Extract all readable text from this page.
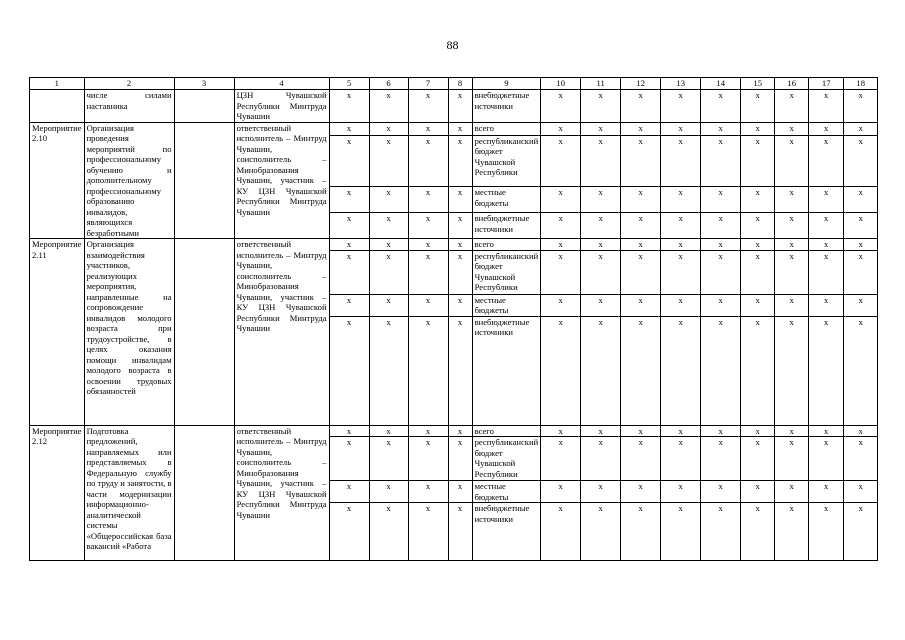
88
1	2	3	4	5	6	7	8	9	10	11	12	13	14	15	16	17	18
	числе силами наставника		ЦЗН Чувашской Республики Минтруда Чувашии	x	x	x	x	внебюджетные источники	x	x	x	x	x	x	x	x	x
Мероприятие 2.10	Организация проведения мероприятий по профессиональному обучению и дополнительному профессиональному образованию инвалидов, являющихся безработными		ответственный исполнитель – Минтруд Чувашии, соисполнитель – Минобразования Чувашии, участник – КУ ЦЗН Чувашской Республики Минтруда Чувашии	x	x	x	x	всего	x	x	x	x	x	x	x	x	x
				x	x	x	x	республиканский бюджет Чувашской Республики	x	x	x	x	x	x	x	x	x
				x	x	x	x	местные бюджеты	x	x	x	x	x	x	x	x	x
				x	x	x	x	внебюджетные источники	x	x	x	x	x	x	x	x	x
Мероприятие 2.11	Организация взаимодействия участников, реализующих мероприятия, направленные на сопровождение инвалидов молодого возраста при трудоустройстве, в целях оказания помощи инвалидам молодого возраста в освоении трудовых обязанностей		ответственный исполнитель – Минтруд Чувашии, соисполнитель – Минобразования Чувашии, участник – КУ ЦЗН Чувашской Республики Минтруда Чувашии	x	x	x	x	всего	x	x	x	x	x	x	x	x	x
				x	x	x	x	республиканский бюджет Чувашской Республики	x	x	x	x	x	x	x	x	x
				x	x	x	x	местные бюджеты	x	x	x	x	x	x	x	x	x
				x	x	x	x	внебюджетные источники	x	x	x	x	x	x	x	x	x
Мероприятие 2.12	Подготовка предложений, направляемых или представляемых в Федеральную службу по труду и занятости, в части модернизации информационно-аналитической системы «Общероссийская база вакансий «Работа		ответственный исполнитель – Минтруд Чувашии, соисполнитель – Минобразования Чувашии, участник – КУ ЦЗН Чувашской Республики Минтруда Чувашии	x	x	x	x	всего	x	x	x	x	x	x	x	x	x
				x	x	x	x	республиканский бюджет Чувашской Республики	x	x	x	x	x	x	x	x	x
				x	x	x	x	местные бюджеты	x	x	x	x	x	x	x	x	x
				x	x	x	x	внебюджетные источники	x	x	x	x	x	x	x	x	x
